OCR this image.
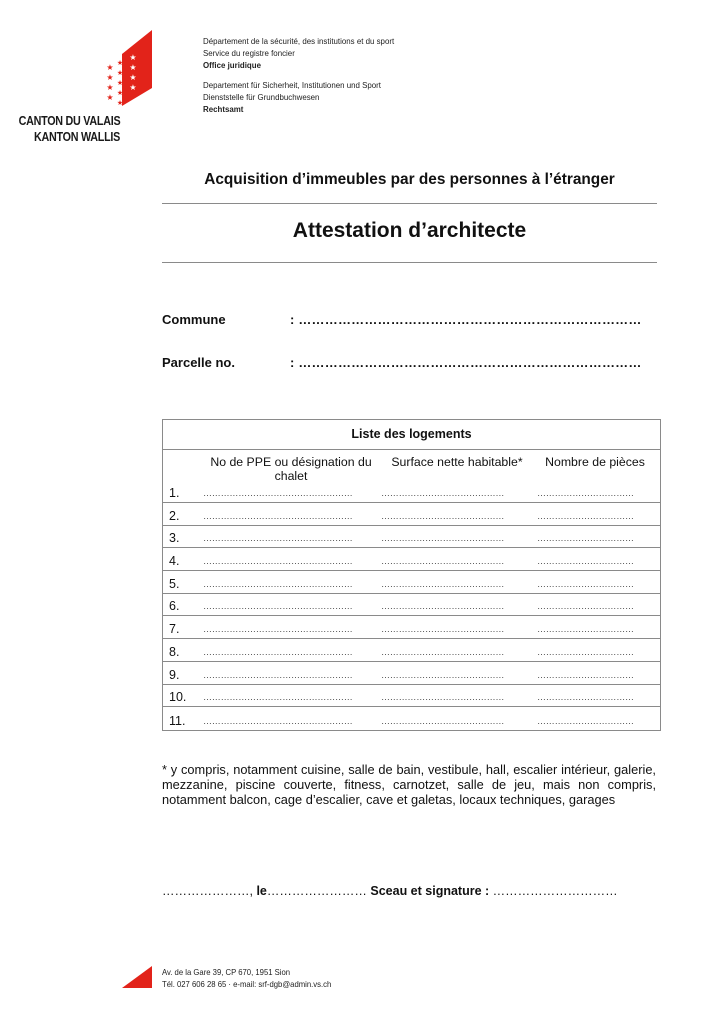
★
★
★
★
★
★
★
★
★
★
★
★
★
CANTON DU VALAIS
KANTON WALLIS
Département de la sécurité, des institutions et du sport
Service du registre foncier
Office juridique
Departement für Sicherheit, Institutionen und Sport
Dienststelle für Grundbuchwesen
Rechtsamt
Acquisition d’immeubles par des personnes à l’étranger
Attestation d’architecte
Commune	: ……………………………………………………………………
Parcelle no.	: ……………………………………………………………………
Liste des logements
No de PPE ou désignation du chalet
Surface nette habitable*	Nombre de pièces
1.	……………………………………………	……………………………………	……………………………
2.	……………………………………………	……………………………………	……………………………
3.	……………………………………………	……………………………………	……………………………
4.	……………………………………………	……………………………………	……………………………
5.	……………………………………………	……………………………………	……………………………
6.	……………………………………………	……………………………………	……………………………
7.	……………………………………………	……………………………………	……………………………
8.	……………………………………………	……………………………………	……………………………
9.	……………………………………………	……………………………………	……………………………
10. ……………………………………………	……………………………………	……………………………
11. ……………………………………………	……………………………………	……………………………
* y compris, notamment cuisine, salle de bain, vestibule, hall, escalier intérieur, galerie, mezzanine, piscine couverte, fitness, carnotzet, salle de jeu, mais non compris, notamment balcon, cage d’escalier, cave et galetas, locaux techniques, garages
…………………, le…………………… Sceau et signature : …………………………
Av. de la Gare 39, CP 670, 1951 Sion
Tél. 027 606 28 65 · e-mail: srf-dgb@admin.vs.ch
